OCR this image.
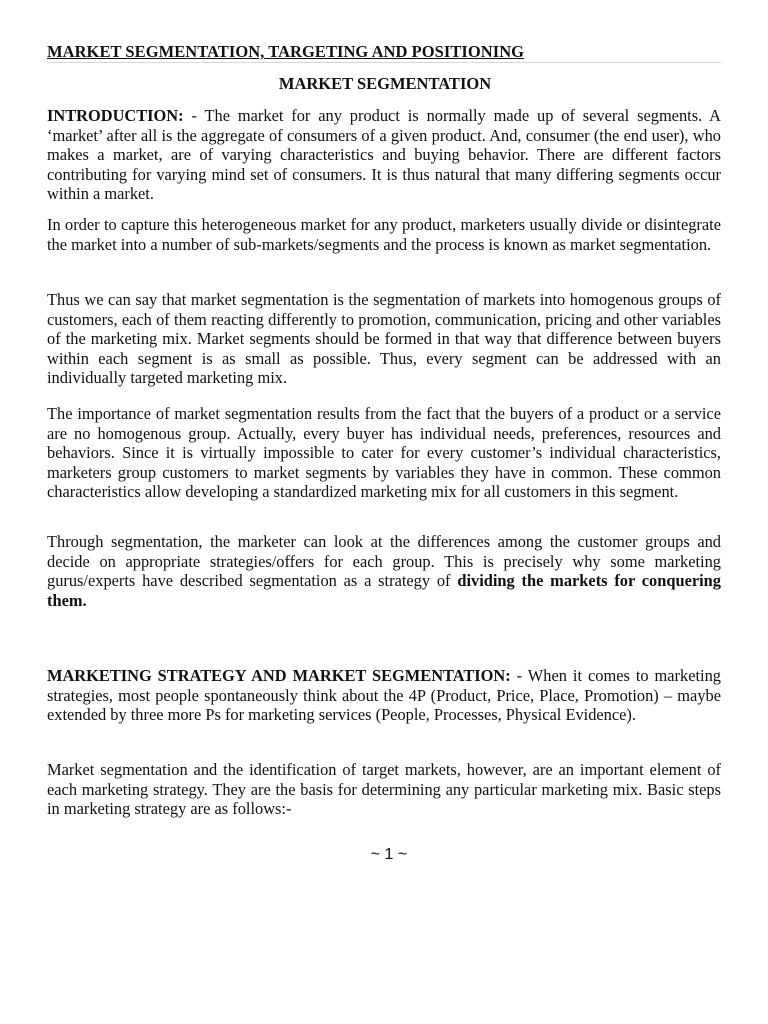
MARKET SEGMENTATION, TARGETING AND POSITIONING
MARKET SEGMENTATION

INTRODUCTION: - The market for any product is normally made up of several segments. A ‘market’ after all is the aggregate of consumers of a given product. And, consumer (the end user), who makes a market, are of varying characteristics and buying behavior. There are different factors contributing for varying mind set of consumers. It is thus natural that many differing segments occur within a market.

In order to capture this heterogeneous market for any product, marketers usually divide or disintegrate the market into a number of sub-markets/segments and the process is known as market segmentation.

Thus we can say that market segmentation is the segmentation of markets into homogenous groups of customers, each of them reacting differently to promotion, communication, pricing and other variables of the marketing mix. Market segments should be formed in that way that difference between buyers within each segment is as small as possible. Thus, every segment can be addressed with an individually targeted marketing mix.

The importance of market segmentation results from the fact that the buyers of a product or a service are no homogenous group. Actually, every buyer has individual needs, preferences, resources and behaviors. Since it is virtually impossible to cater for every customer’s individual characteristics, marketers group customers to market segments by variables they have in common. These common characteristics allow developing a standardized marketing mix for all customers in this segment.

Through segmentation, the marketer can look at the differences among the customer groups and decide on appropriate strategies/offers for each group. This is precisely why some marketing gurus/experts have described segmentation as a strategy of dividing the markets for conquering them.

MARKETING STRATEGY AND MARKET SEGMENTATION: - When it comes to marketing strategies, most people spontaneously think about the 4P (Product, Price, Place, Promotion) – maybe extended by three more Ps for marketing services (People, Processes, Physical Evidence).

Market segmentation and the identification of target markets, however, are an important element of each marketing strategy. They are the basis for determining any particular marketing mix. Basic steps in marketing strategy are as follows:-

~ 1 ~
